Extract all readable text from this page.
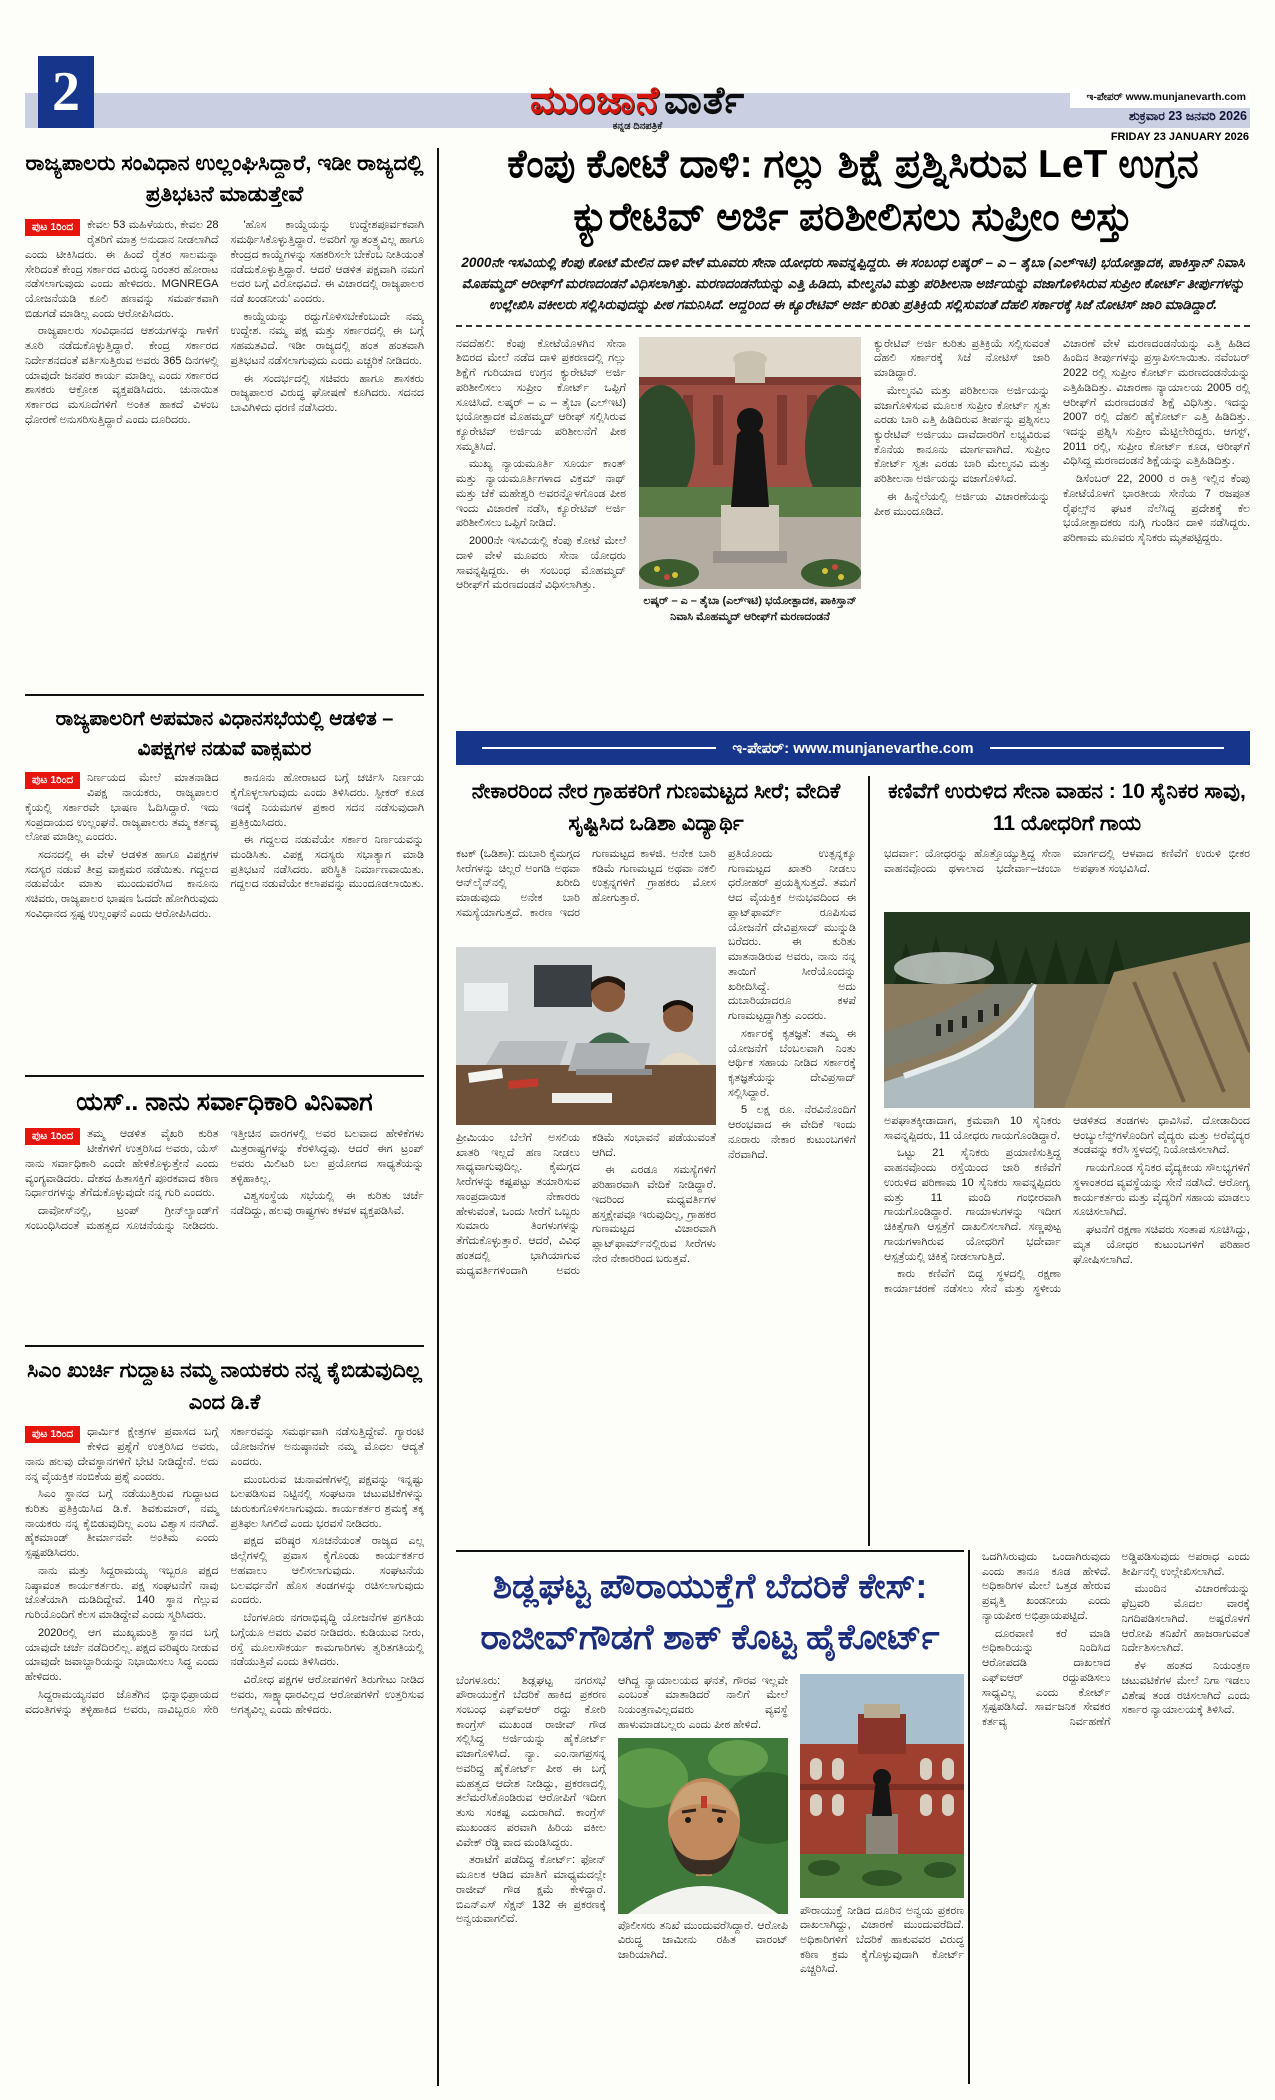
2	ಮುಂಜಾನೆ ವಾರ್ತೆ
ಕನ್ನಡ ದಿನಪತ್ರಿಕೆ
ಇ-ಪೇಪರ್ www.munjanevarth.com
ಶುಕ್ರವಾರ 23 ಜನವರಿ 2026
FRIDAY 23 JANUARY 2026
ರಾಜ್ಯಪಾಲರು ಸಂವಿಧಾನ ಉಲ್ಲಂಘಿಸಿದ್ದಾರೆ, ಇಡೀ ರಾಜ್ಯದಲ್ಲಿ ಪ್ರತಿಭಟನೆ ಮಾಡುತ್ತೇವೆ
ಪುಟ 1ರಿಂದ	ಕೇವಲ 53 ಮಹಿಳೆಯರು, ಕೇವಲ 28 ರೈತರಿಗೆ ಮಾತ್ರ ಅನುದಾನ ನೀಡಲಾಗಿದೆ ಎಂದು ಟೀಕಿಸಿದರು. ಈ ಹಿಂದೆ ರೈತರ ಸಾಲಮನ್ನಾ ಸೇರಿದಂತೆ ಕೇಂದ್ರ ಸರ್ಕಾರದ ವಿರುದ್ಧ ನಿರಂತರ ಹೋರಾಟ ನಡೆಸಲಾಗುವುದು ಎಂದು ಹೇಳಿದರು. MGNREGA ಯೋಜನೆಯಡಿ ಕೂಲಿ ಹಣವನ್ನು ಸಮರ್ಪಕವಾಗಿ ಬಿಡುಗಡೆ ಮಾಡಿಲ್ಲ ಎಂದು ಆರೋಪಿಸಿದರು.

ರಾಜ್ಯಪಾಲರು ಸಂವಿಧಾನದ ಆಶಯಗಳನ್ನು ಗಾಳಿಗೆ ತೂರಿ ನಡೆದುಕೊಳ್ಳುತ್ತಿದ್ದಾರೆ. ಕೇಂದ್ರ ಸರ್ಕಾರದ ನಿರ್ದೇಶನದಂತೆ ವರ್ತಿಸುತ್ತಿರುವ ಅವರು 365 ದಿನಗಳಲ್ಲಿ ಯಾವುದೇ ಜನಪರ ಕಾರ್ಯ ಮಾಡಿಲ್ಲ ಎಂದು ಸರ್ಕಾರದ ಶಾಸಕರು ಆಕ್ರೋಶ ವ್ಯಕ್ತಪಡಿಸಿದರು. ಚುನಾಯಿತ ಸರ್ಕಾರದ ಮಸೂದೆಗಳಿಗೆ ಅಂಕಿತ ಹಾಕದೆ ವಿಳಂಬ ಧೋರಣೆ ಅನುಸರಿಸುತ್ತಿದ್ದಾರೆ ಎಂದು ದೂರಿದರು.

'ಹೊಸ ಕಾಯ್ದೆಯನ್ನು ಉದ್ದೇಶಪೂರ್ವಕವಾಗಿ ಸಮರ್ಥಿಸಿಕೊಳ್ಳುತ್ತಿದ್ದಾರೆ. ಅವರಿಗೆ ಸ್ವಾತಂತ್ರ್ಯವಿಲ್ಲ ಹಾಗೂ ಕೇಂದ್ರದ ಕಾಯ್ದೆಗಳನ್ನು ಸಹಕರಿಸಲೇ ಬೇಕೆಂಬ ನೀತಿಯಂತೆ ನಡೆದುಕೊಳ್ಳುತ್ತಿದ್ದಾರೆ. ಆದರೆ ಆಡಳಿತ ಪಕ್ಷವಾಗಿ ನಮಗೆ ಅದರ ಬಗ್ಗೆ ವಿರೋಧವಿದೆ. ಈ ವಿಚಾರದಲ್ಲಿ ರಾಜ್ಯಪಾಲರ ನಡೆ ಖಂಡನೀಯ' ಎಂದರು.

ಕಾಯ್ದೆಯನ್ನು ರದ್ದುಗೊಳಿಸಬೇಕೆಂಬುದೇ ನಮ್ಮ ಉದ್ದೇಶ. ನಮ್ಮ ಪಕ್ಷ ಮತ್ತು ಸರ್ಕಾರದಲ್ಲಿ ಈ ಬಗ್ಗೆ ಸಹಮತವಿದೆ. ಇಡೀ ರಾಜ್ಯದಲ್ಲಿ ಹಂತ ಹಂತವಾಗಿ ಪ್ರತಿಭಟನೆ ನಡೆಸಲಾಗುವುದು ಎಂದು ಎಚ್ಚರಿಕೆ ನೀಡಿದರು.

ಈ ಸಂದರ್ಭದಲ್ಲಿ ಸಚಿವರು ಹಾಗೂ ಶಾಸಕರು ರಾಜ್ಯಪಾಲರ ವಿರುದ್ಧ ಘೋಷಣೆ ಕೂಗಿದರು. ಸದನದ ಬಾವಿಗಿಳಿದು ಧರಣಿ ನಡೆಸಿದರು.

ರಾಜ್ಯಪಾಲರಿಗೆ ಅಪಮಾನ ವಿಧಾನಸಭೆಯಲ್ಲಿ ಆಡಳಿತ – ವಿಪಕ್ಷಗಳ ನಡುವೆ ವಾಕ್ಸಮರ
ಪುಟ 1ರಿಂದ	ನಿರ್ಣಯದ ಮೇಲೆ ಮಾತನಾಡಿದ ವಿಪಕ್ಷ ನಾಯಕರು, ರಾಜ್ಯಪಾಲರ ಕೈಯಲ್ಲಿ ಸರ್ಕಾರವೇ ಭಾಷಣ ಓದಿಸಿದ್ದಾರೆ. ಇದು ಸಂಪ್ರದಾಯದ ಉಲ್ಲಂಘನೆ. ರಾಜ್ಯಪಾಲರು ತಮ್ಮ ಕರ್ತವ್ಯ ಲೋಪ ಮಾಡಿಲ್ಲ ಎಂದರು.

ಸದನದಲ್ಲಿ ಈ ವೇಳೆ ಆಡಳಿತ ಹಾಗೂ ವಿಪಕ್ಷಗಳ ಸದಸ್ಯರ ನಡುವೆ ತೀವ್ರ ವಾಕ್ಸಮರ ನಡೆಯಿತು. ಗದ್ದಲದ ನಡುವೆಯೇ ಮಾತು ಮುಂದುವರೆಸಿದ ಕಾನೂನು ಸಚಿವರು, ರಾಜ್ಯಪಾಲರ ಭಾಷಣ ಓದದೇ ಹೋಗಿರುವುದು ಸಂವಿಧಾನದ ಸ್ಪಷ್ಟ ಉಲ್ಲಂಘನೆ ಎಂದು ಆರೋಪಿಸಿದರು.

ಕಾನೂನು ಹೋರಾಟದ ಬಗ್ಗೆ ಚರ್ಚಿಸಿ ನಿರ್ಣಯ ಕೈಗೊಳ್ಳಲಾಗುವುದು ಎಂದು ತಿಳಿಸಿದರು. ಸ್ಪೀಕರ್ ಕೂಡ ಇದಕ್ಕೆ ನಿಯಮಗಳ ಪ್ರಕಾರ ಸದನ ನಡೆಸುವುದಾಗಿ ಪ್ರತಿಕ್ರಿಯಿಸಿದರು.

ಈ ಗದ್ದಲದ ನಡುವೆಯೇ ಸರ್ಕಾರ ನಿರ್ಣಯವನ್ನು ಮಂಡಿಸಿತು. ವಿಪಕ್ಷ ಸದಸ್ಯರು ಸಭಾತ್ಯಾಗ ಮಾಡಿ ಪ್ರತಿಭಟನೆ ನಡೆಸಿದರು. ಪರಿಸ್ಥಿತಿ ನಿರ್ಮಾಣವಾಯಿತು. ಗದ್ದಲದ ನಡುವೆಯೇ ಕಲಾಪವನ್ನು ಮುಂದೂಡಲಾಯಿತು.

ಯಸ್.. ನಾನು ಸರ್ವಾಧಿಕಾರಿ ವಿನಿವಾಗ
ಪುಟ 1ರಿಂದ	ತಮ್ಮ ಆಡಳಿತ ವೈಖರಿ ಕುರಿತ ಟೀಕೆಗಳಿಗೆ ಉತ್ತರಿಸಿದ ಅವರು, ಯೆಸ್ ನಾನು ಸರ್ವಾಧಿಕಾರಿ ಎಂದೇ ಹೇಳಿಕೊಳ್ಳುತ್ತೇನೆ ಎಂದು ವ್ಯಂಗ್ಯವಾಡಿದರು. ದೇಶದ ಹಿತಾಸಕ್ತಿಗೆ ಪೂರಕವಾದ ಕಠಿಣ ನಿರ್ಧಾರಗಳನ್ನು ತೆಗೆದುಕೊಳ್ಳುವುದೇ ನನ್ನ ಗುರಿ ಎಂದರು.

ದಾವೋಸ್‌ನಲ್ಲಿ, ಟ್ರಂಪ್ ಗ್ರೀನ್‌ಲ್ಯಾಂಡ್‌ಗೆ ಸಂಬಂಧಿಸಿದಂತೆ ಮಹತ್ವದ ಸೂಚನೆಯನ್ನು ನೀಡಿದರು. ಇತ್ತೀಚಿನ ವಾರಗಳಲ್ಲಿ ಅವರ ಬಲವಾದ ಹೇಳಿಕೆಗಳು ಮಿತ್ರರಾಷ್ಟ್ರಗಳನ್ನು ಕೆರಳಿಸಿದ್ದವು. ಆದರೆ ಈಗ ಟ್ರಂಪ್ ಅವರು ಮಿಲಿಟರಿ ಬಲ ಪ್ರಯೋಗದ ಸಾಧ್ಯತೆಯನ್ನು ತಳ್ಳಿಹಾಕಿಲ್ಲ.

ವಿಶ್ವಸಂಸ್ಥೆಯ ಸಭೆಯಲ್ಲಿ ಈ ಕುರಿತು ಚರ್ಚೆ ನಡೆದಿದ್ದು, ಹಲವು ರಾಷ್ಟ್ರಗಳು ಕಳವಳ ವ್ಯಕ್ತಪಡಿಸಿವೆ.

ಸಿಎಂ ಖುರ್ಚಿ ಗುದ್ದಾಟ ನಮ್ಮ ನಾಯಕರು ನನ್ನ ಕೈಬಿಡುವುದಿಲ್ಲ ಎಂದ ಡಿ.ಕೆ
ಪುಟ 1ರಿಂದ	ಧಾರ್ಮಿಕ ಕ್ಷೇತ್ರಗಳ ಪ್ರವಾಸದ ಬಗ್ಗೆ ಕೇಳಿದ ಪ್ರಶ್ನೆಗೆ ಉತ್ತರಿಸಿದ ಅವರು, ನಾನು ಹಲವು ದೇವಸ್ಥಾನಗಳಿಗೆ ಭೇಟಿ ನೀಡಿದ್ದೇನೆ. ಅದು ನನ್ನ ವೈಯಕ್ತಿಕ ನಂಬಿಕೆಯ ಪ್ರಶ್ನೆ ಎಂದರು.

ಸಿಎಂ ಸ್ಥಾನದ ಬಗ್ಗೆ ನಡೆಯುತ್ತಿರುವ ಗುದ್ದಾಟದ ಕುರಿತು ಪ್ರತಿಕ್ರಿಯಿಸಿದ ಡಿ.ಕೆ. ಶಿವಕುಮಾರ್, ನಮ್ಮ ನಾಯಕರು ನನ್ನ ಕೈಬಿಡುವುದಿಲ್ಲ ಎಂಬ ವಿಶ್ವಾಸ ನನಗಿದೆ. ಹೈಕಮಾಂಡ್ ತೀರ್ಮಾನವೇ ಅಂತಿಮ ಎಂದು ಸ್ಪಷ್ಟಪಡಿಸಿದರು.

ನಾನು ಮತ್ತು ಸಿದ್ದರಾಮಯ್ಯ ಇಬ್ಬರೂ ಪಕ್ಷದ ನಿಷ್ಠಾವಂತ ಕಾರ್ಯಕರ್ತರು. ಪಕ್ಷ ಸಂಘಟನೆಗೆ ನಾವು ಜೊತೆಯಾಗಿ ದುಡಿದಿದ್ದೇವೆ. 140 ಸ್ಥಾನ ಗೆಲ್ಲುವ ಗುರಿಯೊಂದಿಗೆ ಕೆಲಸ ಮಾಡಿದ್ದೇವೆ ಎಂದು ಸ್ಮರಿಸಿದರು.

2020ರಲ್ಲಿ ಆಗ ಮುಖ್ಯಮಂತ್ರಿ ಸ್ಥಾನದ ಬಗ್ಗೆ ಯಾವುದೇ ಚರ್ಚೆ ನಡೆದಿರಲಿಲ್ಲ. ಪಕ್ಷದ ವರಿಷ್ಠರು ನೀಡುವ ಯಾವುದೇ ಜವಾಬ್ದಾರಿಯನ್ನು ನಿಭಾಯಿಸಲು ಸಿದ್ಧ ಎಂದು ಹೇಳಿದರು.

ಸಿದ್ದರಾಮಯ್ಯನವರ ಜೊತೆಗಿನ ಭಿನ್ನಾಭಿಪ್ರಾಯದ ವದಂತಿಗಳನ್ನು ತಳ್ಳಿಹಾಕಿದ ಅವರು, ನಾವಿಬ್ಬರೂ ಸೇರಿ ಸರ್ಕಾರವನ್ನು ಸಮರ್ಥವಾಗಿ ನಡೆಸುತ್ತಿದ್ದೇವೆ. ಗ್ಯಾರಂಟಿ ಯೋಜನೆಗಳ ಅನುಷ್ಠಾನವೇ ನಮ್ಮ ಮೊದಲ ಆದ್ಯತೆ ಎಂದರು.

ಮುಂಬರುವ ಚುನಾವಣೆಗಳಲ್ಲಿ ಪಕ್ಷವನ್ನು ಇನ್ನಷ್ಟು ಬಲಪಡಿಸುವ ನಿಟ್ಟಿನಲ್ಲಿ ಸಂಘಟನಾ ಚಟುವಟಿಕೆಗಳನ್ನು ಚುರುಕುಗೊಳಿಸಲಾಗುವುದು. ಕಾರ್ಯಕರ್ತರ ಶ್ರಮಕ್ಕೆ ತಕ್ಕ ಪ್ರತಿಫಲ ಸಿಗಲಿದೆ ಎಂದು ಭರವಸೆ ನೀಡಿದರು.

ಪಕ್ಷದ ವರಿಷ್ಠರ ಸೂಚನೆಯಂತೆ ರಾಜ್ಯದ ಎಲ್ಲ ಜಿಲ್ಲೆಗಳಲ್ಲಿ ಪ್ರವಾಸ ಕೈಗೊಂಡು ಕಾರ್ಯಕರ್ತರ ಅಹವಾಲು ಆಲಿಸಲಾಗುವುದು. ಸಂಘಟನೆಯ ಬಲವರ್ಧನೆಗೆ ಹೊಸ ತಂಡಗಳನ್ನು ರಚಿಸಲಾಗುವುದು ಎಂದರು.

ಬೆಂಗಳೂರು ನಗರಾಭಿವೃದ್ಧಿ ಯೋಜನೆಗಳ ಪ್ರಗತಿಯ ಬಗ್ಗೆಯೂ ಅವರು ವಿವರ ನೀಡಿದರು. ಕುಡಿಯುವ ನೀರು, ರಸ್ತೆ ಮೂಲಸೌಕರ್ಯ ಕಾಮಗಾರಿಗಳು ತ್ವರಿತಗತಿಯಲ್ಲಿ ನಡೆಯುತ್ತಿವೆ ಎಂದು ತಿಳಿಸಿದರು.

ವಿರೋಧ ಪಕ್ಷಗಳ ಆರೋಪಗಳಿಗೆ ತಿರುಗೇಟು ನೀಡಿದ ಅವರು, ಸಾಕ್ಷ್ಯಾಧಾರವಿಲ್ಲದ ಆರೋಪಗಳಿಗೆ ಉತ್ತರಿಸುವ ಅಗತ್ಯವಿಲ್ಲ ಎಂದು ಹೇಳಿದರು.

ಕೆಂಪು ಕೋಟೆ ದಾಳಿ: ಗಲ್ಲು ಶಿಕ್ಷೆ ಪ್ರಶ್ನಿಸಿರುವ LeT ಉಗ್ರನ ಕ್ಯುರೇಟಿವ್ ಅರ್ಜಿ ಪರಿಶೀಲಿಸಲು ಸುಪ್ರೀಂ ಅಸ್ತು
2000ನೇ ಇಸವಿಯಲ್ಲಿ ಕೆಂಪು ಕೋಟೆ ಮೇಲಿನ ದಾಳಿ ವೇಳೆ ಮೂವರು ಸೇನಾ ಯೋಧರು ಸಾವನ್ನಪ್ಪಿದ್ದರು. ಈ ಸಂಬಂಧ ಲಷ್ಕರ್ – ಎ – ತೈಬಾ (ಎಲ್‌ಇಟಿ) ಭಯೋತ್ಪಾದಕ, ಪಾಕಿಸ್ತಾನ್ ನಿವಾಸಿ ಮೊಹಮ್ಮದ್ ಆರೀಫ್‌ಗೆ ಮರಣದಂಡನೆ ವಿಧಿಸಲಾಗಿತ್ತು. ಮರಣದಂಡನೆಯನ್ನು ಎತ್ತಿ ಹಿಡಿದು, ಮೇಲ್ಮನವಿ ಮತ್ತು ಪರಿಶೀಲನಾ ಅರ್ಜಿಯನ್ನು ವಜಾಗೊಳಿಸಿರುವ ಸುಪ್ರೀಂ ಕೋರ್ಟ್ ತೀರ್ಪುಗಳನ್ನು ಉಲ್ಲೇಖಿಸಿ ವಕೀಲರು ಸಲ್ಲಿಸಿರುವುದನ್ನು ಪೀಠ ಗಮನಿಸಿದೆ. ಆದ್ದರಿಂದ ಈ ಕ್ಯೂರೇಟಿವ್ ಅರ್ಜಿ ಕುರಿತು ಪ್ರತಿಕ್ರಿಯೆ ಸಲ್ಲಿಸುವಂತೆ ದೆಹಲಿ ಸರ್ಕಾರಕ್ಕೆ ಸಿಜೆ ನೋಟಿಸ್ ಜಾರಿ ಮಾಡಿದ್ದಾರೆ.

ನವದೆಹಲಿ: ಕೆಂಪು ಕೋಟೆಯೊಳಗಿನ ಸೇನಾ ಶಿಬಿರದ ಮೇಲೆ ನಡೆದ ದಾಳಿ ಪ್ರಕರಣದಲ್ಲಿ ಗಲ್ಲು ಶಿಕ್ಷೆಗೆ ಗುರಿಯಾದ ಉಗ್ರನ ಕ್ಯುರೇಟಿವ್ ಅರ್ಜಿ ಪರಿಶೀಲಿಸಲು ಸುಪ್ರೀಂ ಕೋರ್ಟ್ ಒಪ್ಪಿಗೆ ಸೂಚಿಸಿದೆ. ಲಷ್ಕರ್ – ಎ – ತೈಬಾ (ಎಲ್‌ಇಟಿ) ಭಯೋತ್ಪಾದಕ ಮೊಹಮ್ಮದ್ ಆರೀಫ್ ಸಲ್ಲಿಸಿರುವ ಕ್ಯೂರೇಟಿವ್ ಅರ್ಜಿಯ ಪರಿಶೀಲನೆಗೆ ಪೀಠ ಸಮ್ಮತಿಸಿದೆ.

ಮುಖ್ಯ ನ್ಯಾಯಮೂರ್ತಿ ಸೂರ್ಯ ಕಾಂತ್ ಮತ್ತು ನ್ಯಾಯಮೂರ್ತಿಗಳಾದ ವಿಕ್ರಮ್ ನಾಥ್ ಮತ್ತು ಜೆಕೆ ಮಹೇಶ್ವರಿ ಅವರನ್ನೊಳಗೊಂಡ ಪೀಠ ಇಂದು ವಿಚಾರಣೆ ನಡೆಸಿ, ಕ್ಯೂರೇಟಿವ್ ಅರ್ಜಿ ಪರಿಶೀಲಿಸಲು ಒಪ್ಪಿಗೆ ನೀಡಿದೆ.

2000ನೇ ಇಸವಿಯಲ್ಲಿ ಕೆಂಪು ಕೋಟೆ ಮೇಲೆ ದಾಳಿ ವೇಳೆ ಮೂವರು ಸೇನಾ ಯೋಧರು ಸಾವನ್ನಪ್ಪಿದ್ದರು. ಈ ಸಂಬಂಧ ಮೊಹಮ್ಮದ್ ಆರೀಫ್‌ಗೆ ಮರಣದಂಡನೆ ವಿಧಿಸಲಾಗಿತ್ತು.

ಲಷ್ಕರ್ – ಎ – ತೈಬಾ (ಎಲ್‌ಇಟಿ) ಭಯೋತ್ಪಾದಕ, ಪಾಕಿಸ್ತಾನ್ ನಿವಾಸಿ ಮೊಹಮ್ಮದ್ ಆರೀಫ್‌ಗೆ ಮರಣದಂಡನೆ

ಕ್ಯುರೇಟಿವ್ ಅರ್ಜಿ ಕುರಿತು ಪ್ರತಿಕ್ರಿಯೆ ಸಲ್ಲಿಸುವಂತೆ ದೆಹಲಿ ಸರ್ಕಾರಕ್ಕೆ ಸಿಜೆ ನೋಟಿಸ್ ಜಾರಿ ಮಾಡಿದ್ದಾರೆ.

ಮೇಲ್ಮನವಿ ಮತ್ತು ಪರಿಶೀಲನಾ ಅರ್ಜಿಯನ್ನು ವಜಾಗೊಳಿಸುವ ಮೂಲಕ ಸುಪ್ರೀಂ ಕೋರ್ಟ್ ಸ್ವತಃ ಎರಡು ಬಾರಿ ಎತ್ತಿ ಹಿಡಿದಿರುವ ತೀರ್ಪನ್ನು ಪ್ರಶ್ನಿಸಲು ಕ್ಯುರೇಟಿವ್ ಅರ್ಜಿಯು ದಾವೆದಾರರಿಗೆ ಲಭ್ಯವಿರುವ ಕೊನೆಯ ಕಾನೂನು ಮಾರ್ಗವಾಗಿದೆ. ಸುಪ್ರೀಂ ಕೋರ್ಟ್ ಸ್ವತಃ ಎರಡು ಬಾರಿ ಮೇಲ್ಮನವಿ ಮತ್ತು ಪರಿಶೀಲನಾ ಅರ್ಜಿಯನ್ನು ವಜಾಗೊಳಿಸಿದೆ.

ಈ ಹಿನ್ನೆಲೆಯಲ್ಲಿ ಅರ್ಜಿಯ ವಿಚಾರಣೆಯನ್ನು ಪೀಠ ಮುಂದೂಡಿದೆ.

ವಿಚಾರಣೆ ವೇಳೆ ಮರಣದಂಡನೆಯನ್ನು ಎತ್ತಿ ಹಿಡಿದ ಹಿಂದಿನ ತೀರ್ಪುಗಳನ್ನು ಪ್ರಸ್ತಾಪಿಸಲಾಯಿತು. ನವೆಂಬರ್ 2022 ರಲ್ಲಿ ಸುಪ್ರೀಂ ಕೋರ್ಟ್ ಮರಣದಂಡನೆಯನ್ನು ಎತ್ತಿಹಿಡಿದಿತ್ತು. ವಿಚಾರಣಾ ನ್ಯಾಯಾಲಯ 2005 ರಲ್ಲಿ ಆರೀಫ್‌ಗೆ ಮರಣದಂಡನೆ ಶಿಕ್ಷೆ ವಿಧಿಸಿತ್ತು. ಇದನ್ನು 2007 ರಲ್ಲಿ ದೆಹಲಿ ಹೈಕೋರ್ಟ್ ಎತ್ತಿ ಹಿಡಿದಿತ್ತು. ಇದನ್ನು ಪ್ರಶ್ನಿಸಿ ಸುಪ್ರೀಂ ಮೆಟ್ಟಿಲೇರಿದ್ದರು. ಆಗಸ್ಟ್, 2011 ರಲ್ಲಿ, ಸುಪ್ರೀಂ ಕೋರ್ಟ್ ಕೂಡ, ಆರೀಫ್‌ಗೆ ವಿಧಿಸಿದ್ದ ಮರಣದಂಡನೆ ಶಿಕ್ಷೆಯನ್ನು ಎತ್ತಿಹಿಡಿದಿತ್ತು.

ಡಿಸೆಂಬರ್ 22, 2000 ರ ರಾತ್ರಿ ಇಲ್ಲಿನ ಕೆಂಪು ಕೋಟೆಯೊಳಗೆ ಭಾರತೀಯ ಸೇನೆಯ 7 ರಜಪೂತ ರೈಫಲ್ಸ್‌ನ ಘಟಕ ನೆಲೆಸಿದ್ದ ಪ್ರದೇಶಕ್ಕೆ ಕೆಲ ಭಯೋತ್ಪಾದಕರು ನುಗ್ಗಿ ಗುಂಡಿನ ದಾಳಿ ನಡೆಸಿದ್ದರು. ಪರಿಣಾಮ ಮೂವರು ಸೈನಿಕರು ಮೃತಪಟ್ಟಿದ್ದರು.

ಇ-ಪೇಪರ್: www.munjanevarthe.com
ನೇಕಾರರಿಂದ ನೇರ ಗ್ರಾಹಕರಿಗೆ ಗುಣಮಟ್ಟದ ಸೀರೆ; ವೇದಿಕೆ ಸೃಷ್ಟಿಸಿದ ಒಡಿಶಾ ವಿದ್ಯಾರ್ಥಿ

ಕಟಕ್ (ಒಡಿಶಾ): ದುಬಾರಿ ಕೈಮಗ್ಗದ ಸೀರೆಗಳನ್ನು ಚಿಲ್ಲರೆ ಅಂಗಡಿ ಅಥವಾ ಆನ್‌ಲೈನ್‌ನಲ್ಲಿ ಖರೀದಿ ಮಾಡುವುದು ಅನೇಕ ಬಾರಿ ಸಮಸ್ಯೆಯಾಗುತ್ತದೆ. ಕಾರಣ ಇದರ ಗುಣಮಟ್ಟದ ಕಾಳಜಿ. ಅನೇಕ ಬಾರಿ ಕಡಿಮೆ ಗುಣಮಟ್ಟದ ಅಥವಾ ನಕಲಿ ಉತ್ಪನ್ನಗಳಿಗೆ ಗ್ರಾಹಕರು ಮೋಸ ಹೋಗುತ್ತಾರೆ.

ಪ್ರೀಮಿಯಂ ಬೆಲೆಗೆ ಅಸಲಿಯ ಖಾತರಿ ಇಲ್ಲದೆ ಹಣ ನೀಡಲು ಸಾಧ್ಯವಾಗುವುದಿಲ್ಲ. ಕೈಮಗ್ಗದ ಸೀರೆಗಳನ್ನು ಕಷ್ಟಪಟ್ಟು ತಯಾರಿಸುವ ಸಾಂಪ್ರದಾಯಿಕ ನೇಕಾರರು ಹೇಳುವಂತೆ, ಒಂದು ಸೀರೆಗೆ ಒಬ್ಬರು ಸುಮಾರು ತಿಂಗಳುಗಳನ್ನು ತೆಗೆದುಕೊಳ್ಳುತ್ತಾರೆ. ಆದರೆ, ವಿವಿಧ ಹಂತದಲ್ಲಿ ಭಾಗಿಯಾಗುವ ಮಧ್ಯವರ್ತಿಗಳಿಂದಾಗಿ ಅವರು ಕಡಿಮೆ ಸಂಭಾವನೆ ಪಡೆಯುವಂತೆ ಆಗಿದೆ.

ಈ ಎರಡೂ ಸಮಸ್ಯೆಗಳಿಗೆ ಪರಿಹಾರವಾಗಿ ವೇದಿಕೆ ನೀಡಿದ್ದಾರೆ. ಇದರಿಂದ ಮಧ್ಯವರ್ತಿಗಳ ಹಸ್ತಕ್ಷೇಪವೂ ಇರುವುದಿಲ್ಲ, ಗ್ರಾಹಕರ ಗುಣಮಟ್ಟದ ವಿಚಾರವಾಗಿ ಪ್ಲಾಟ್‌ಫಾರ್ಮ್‌ನಲ್ಲಿರುವ ಸೀರೆಗಳು ನೇರ ನೇಕಾರರಿಂದ ಬರುತ್ತವೆ.

ಪ್ರತಿಯೊಂದು ಉತ್ಪನ್ನಕ್ಕೂ ಗುಣಮಟ್ಟದ ಖಾತರಿ ನೀಡಲು ಧರೋಹರ್ ಪ್ರಯತ್ನಿಸುತ್ತದೆ. ತಮಗೆ ಆದ ವೈಯಕ್ತಿಕ ಅನುಭವದಿಂದ ಈ ಪ್ಲಾಟ್‌ಫಾರ್ಮ್ ರೂಪಿಸುವ ಯೋಜನೆಗೆ ದೇವಿಪ್ರಸಾದ್ ಮುನ್ನುಡಿ ಬರೆದರು. ಈ ಕುರಿತು ಮಾತನಾಡಿರುವ ಅವರು, ನಾನು ನನ್ನ ತಾಯಿಗೆ ಸೀರೆಯೊಂದನ್ನು ಖರೀದಿಸಿದ್ದೆ. ಅದು ದುಬಾರಿಯಾದರೂ ಕಳಪೆ ಗುಣಮಟ್ಟದ್ದಾಗಿತ್ತು ಎಂದರು.

ಸರ್ಕಾರಕ್ಕೆ ಕೃತಜ್ಞತೆ: ತಮ್ಮ ಈ ಯೋಜನೆಗೆ ಬೆಂಬಲವಾಗಿ ನಿಂತು ಆರ್ಥಿಕ ಸಹಾಯ ನೀಡಿದ ಸರ್ಕಾರಕ್ಕೆ ಕೃತಜ್ಞತೆಯನ್ನು ದೇವಿಪ್ರಸಾದ್ ಸಲ್ಲಿಸಿದ್ದಾರೆ.

5 ಲಕ್ಷ ರೂ. ನೆರವಿನೊಂದಿಗೆ ಆರಂಭವಾದ ಈ ವೇದಿಕೆ ಇಂದು ನೂರಾರು ನೇಕಾರ ಕುಟುಂಬಗಳಿಗೆ ನೆರವಾಗಿದೆ.

ಕಣಿವೆಗೆ ಉರುಳಿದ ಸೇನಾ ವಾಹನ : 10 ಸೈನಿಕರ ಸಾವು, 11 ಯೋಧರಿಗೆ ಗಾಯ

ಭದರ್ವಾ: ಯೋಧರನ್ನು ಹೊತ್ತೊಯ್ಯುತ್ತಿದ್ದ ಸೇನಾ ವಾಹನವೊಂದು ಥಳಾಲಾದ ಭದೇರ್ವಾ–ಚಂಬಾ ಮಾರ್ಗದಲ್ಲಿ ಆಳವಾದ ಕಣಿವೆಗೆ ಉರುಳಿ ಭೀಕರ ಅಪಘಾತ ಸಂಭವಿಸಿದೆ.

ಅಪಘಾತಕ್ಕೀಡಾದಾಗ, ಕ್ರಮವಾಗಿ 10 ಸೈನಿಕರು ಸಾವನ್ನಪ್ಪಿದರು, 11 ಯೋಧರು ಗಾಯಗೊಂಡಿದ್ದಾರೆ.

ಒಟ್ಟು 21 ಸೈನಿಕರು ಪ್ರಯಾಣಿಸುತ್ತಿದ್ದ ವಾಹನವೊಂದು ರಸ್ತೆಯಿಂದ ಜಾರಿ ಕಣಿವೆಗೆ ಉರುಳಿದ ಪರಿಣಾಮ 10 ಸೈನಿಕರು ಸಾವನ್ನಪ್ಪಿದರು ಮತ್ತು 11 ಮಂದಿ ಗಂಭೀರವಾಗಿ ಗಾಯಗೊಂಡಿದ್ದಾರೆ. ಗಾಯಾಳುಗಳನ್ನು ಇದೀಗ ಚಿಕಿತ್ಸೆಗಾಗಿ ಆಸ್ಪತ್ರೆಗೆ ದಾಖಲಿಸಲಾಗಿದೆ. ಸಣ್ಣಪುಟ್ಟ ಗಾಯಗಳಾಗಿರುವ ಯೋಧರಿಗೆ ಭದೇರ್ವಾ ಆಸ್ಪತ್ರೆಯಲ್ಲಿ ಚಿಕಿತ್ಸೆ ನೀಡಲಾಗುತ್ತಿದೆ.

ಕಾರು ಕಣಿವೆಗೆ ಬಿದ್ದ ಸ್ಥಳದಲ್ಲಿ ರಕ್ಷಣಾ ಕಾರ್ಯಾಚರಣೆ ನಡೆಸಲು ಸೇನೆ ಮತ್ತು ಸ್ಥಳೀಯ ಆಡಳಿತದ ತಂಡಗಳು ಧಾವಿಸಿವೆ. ದೋಡಾದಿಂದ ಆಂಬ್ಯುಲೆನ್ಸ್‌ಗಳೊಂದಿಗೆ ವೈದ್ಯರು ಮತ್ತು ಅರೆವೈದ್ಯರ ತಂಡವನ್ನು ಕರೆಸಿ ಸ್ಥಳದಲ್ಲಿ ನಿಯೋಜಿಸಲಾಗಿದೆ.

ಗಾಯಗೊಂಡ ಸೈನಿಕರ ವೈದ್ಯಕೀಯ ಸೌಲಭ್ಯಗಳಿಗೆ ಸ್ಥಳಾಂತರದ ವ್ಯವಸ್ಥೆಯನ್ನು ಸೇನೆ ನಡೆಸಿದೆ. ಆರೋಗ್ಯ ಕಾರ್ಯಕರ್ತರು ಮತ್ತು ವೈದ್ಯರಿಗೆ ಸಹಾಯ ಮಾಡಲು ಸೂಚಿಸಲಾಗಿದೆ.

ಘಟನೆಗೆ ರಕ್ಷಣಾ ಸಚಿವರು ಸಂತಾಪ ಸೂಚಿಸಿದ್ದು, ಮೃತ ಯೋಧರ ಕುಟುಂಬಗಳಿಗೆ ಪರಿಹಾರ ಘೋಷಿಸಲಾಗಿದೆ.

ಶಿಡ್ಲಘಟ್ಟ ಪೌರಾಯುಕ್ತೆಗೆ ಬೆದರಿಕೆ ಕೇಸ್: ರಾಜೀವ್‌ಗೌಡಗೆ ಶಾಕ್ ಕೊಟ್ಟ ಹೈಕೋರ್ಟ್

ಬೆಂಗಳೂರು: ಶಿಡ್ಲಘಟ್ಟ ನಗರಸಭೆ ಪೌರಾಯುಕ್ತೆಗೆ ಬೆದರಿಕೆ ಹಾಕಿದ ಪ್ರಕರಣ ಸಂಬಂಧ ಎಫ್‌ಐಆರ್ ರದ್ದು ಕೋರಿ ಕಾಂಗ್ರೆಸ್ ಮುಖಂಡ ರಾಜೀವ್ ಗೌಡ ಸಲ್ಲಿಸಿದ್ದ ಅರ್ಜಿಯನ್ನು ಹೈಕೋರ್ಟ್ ವಜಾಗೊಳಿಸಿದೆ. ನ್ಯಾ. ಎಂ.ನಾಗಪ್ರಸನ್ನ ಅವರಿದ್ದ ಹೈಕೋರ್ಟ್ ಪೀಠ ಈ ಬಗ್ಗೆ ಮಹತ್ವದ ಆದೇಶ ನೀಡಿದ್ದು, ಪ್ರಕರಣದಲ್ಲಿ ತಲೆಮರೆಸಿಕೊಂಡಿರುವ ಆರೋಪಿಗೆ ಇದೀಗ ತುಸು ಸಂಕಷ್ಟ ಎದುರಾಗಿದೆ. ಕಾಂಗ್ರೆಸ್ ಮುಖಂಡನ ಪರವಾಗಿ ಹಿರಿಯ ವಕೀಲ ವಿವೇಕ್ ರೆಡ್ಡಿ ವಾದ ಮಂಡಿಸಿದ್ದರು.

ತರಾಟೆಗೆ ಪಡೆದಿದ್ದ ಕೋರ್ಟ್: ಫೋನ್ ಮೂಲಕ ಆಡಿದ ಮಾತಿಗೆ ಮಾಧ್ಯಮದಲ್ಲೇ ರಾಜೀವ್ ಗೌಡ ಕ್ಷಮೆ ಕೇಳಿದ್ದಾರೆ. ಬಿಎನ್‌ಎಸ್ ಸೆಕ್ಷನ್ 132 ಈ ಪ್ರಕರಣಕ್ಕೆ ಅನ್ವಯವಾಗಲಿದೆ.

ಆಗಿದ್ದ ನ್ಯಾಯಾಲಯದ ಘನತೆ, ಗೌರವ ಇಲ್ಲವೇ ಎಂಬಂತೆ ಮಾತಾಡಿದರೆ ನಾಲಿಗೆ ಮೇಲೆ ನಿಯಂತ್ರಣವಿಲ್ಲದವರು ವ್ಯವಸ್ಥೆ ಹಾಳುಮಾಡಬಲ್ಲರು ಎಂದು ಪೀಠ ಹೇಳಿದೆ.

ಪೊಲೀಸರು ತನಿಖೆ ಮುಂದುವರೆಸಿದ್ದಾರೆ. ಆರೋಪಿ ವಿರುದ್ಧ ಜಾಮೀನು ರಹಿತ ವಾರಂಟ್ ಜಾರಿಯಾಗಿದೆ.

ಪೌರಾಯುಕ್ತೆ ನೀಡಿದ ದೂರಿನ ಅನ್ವಯ ಪ್ರಕರಣ ದಾಖಲಾಗಿದ್ದು, ವಿಚಾರಣೆ ಮುಂದುವರೆದಿದೆ. ಅಧಿಕಾರಿಗಳಿಗೆ ಬೆದರಿಕೆ ಹಾಕುವವರ ವಿರುದ್ಧ ಕಠಿಣ ಕ್ರಮ ಕೈಗೊಳ್ಳುವುದಾಗಿ ಕೋರ್ಟ್ ಎಚ್ಚರಿಸಿದೆ.

ಒದಗಿಸಿರುವುದು ಒಂದಾಗಿರುವುದು ಎಂದು ತಾನೂ ಕೂಡ ಹೇಳಿದೆ. ಅಧಿಕಾರಿಗಳ ಮೇಲೆ ಒತ್ತಡ ಹೇರುವ ಪ್ರವೃತ್ತಿ ಖಂಡನೀಯ ಎಂದು ನ್ಯಾಯಪೀಠ ಅಭಿಪ್ರಾಯಪಟ್ಟಿದೆ.

ದೂರವಾಣಿ ಕರೆ ಮಾಡಿ ಅಧಿಕಾರಿಯನ್ನು ನಿಂದಿಸಿದ ಆರೋಪದಡಿ ದಾಖಲಾದ ಎಫ್‌ಐಆರ್ ರದ್ದುಪಡಿಸಲು ಸಾಧ್ಯವಿಲ್ಲ ಎಂದು ಕೋರ್ಟ್ ಸ್ಪಷ್ಟಪಡಿಸಿದೆ. ಸಾರ್ವಜನಿಕ ಸೇವಕರ ಕರ್ತವ್ಯ ನಿರ್ವಹಣೆಗೆ ಅಡ್ಡಿಪಡಿಸುವುದು ಅಪರಾಧ ಎಂದು ತೀರ್ಪಿನಲ್ಲಿ ಉಲ್ಲೇಖಿಸಲಾಗಿದೆ.

ಮುಂದಿನ ವಿಚಾರಣೆಯನ್ನು ಫೆಬ್ರವರಿ ಮೊದಲ ವಾರಕ್ಕೆ ನಿಗದಿಪಡಿಸಲಾಗಿದೆ. ಅಷ್ಟರೊಳಗೆ ಆರೋಪಿ ತನಿಖೆಗೆ ಹಾಜರಾಗುವಂತೆ ನಿರ್ದೇಶಿಸಲಾಗಿದೆ.

ಕೆಳ ಹಂತದ ನಿಯಂತ್ರಣ ಚಟುವಟಿಕೆಗಳ ಮೇಲೆ ನಿಗಾ ಇಡಲು ವಿಶೇಷ ತಂಡ ರಚಿಸಲಾಗಿದೆ ಎಂದು ಸರ್ಕಾರ ನ್ಯಾಯಾಲಯಕ್ಕೆ ತಿಳಿಸಿದೆ.
